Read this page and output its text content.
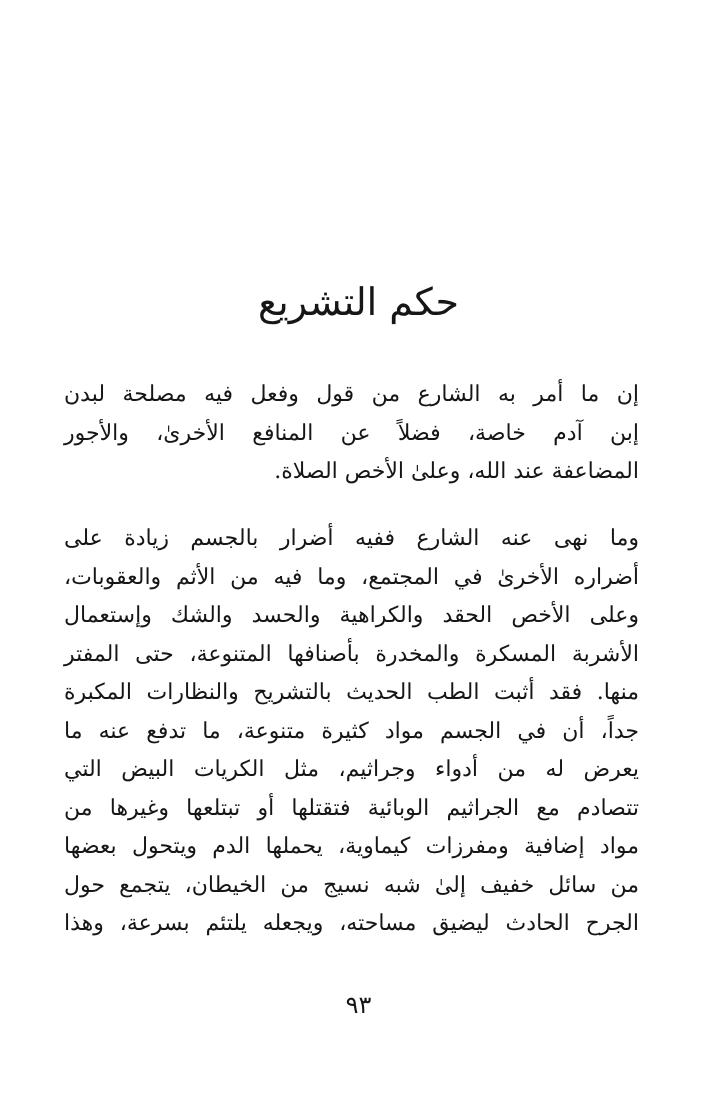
حكم التشريع
إن ما أمر به الشارع من قول وفعل فيه مصلحة لبدن
إبن آدم خاصة، فضلاً عن المنافع الأخرىٰ، والأجور
المضاعفة عند الله، وعلىٰ الأخص الصلاة.
وما نهى عنه الشارع ففيه أضرار بالجسم زيادة على
أضراره الأخرىٰ في المجتمع، وما فيه من الأثم والعقوبات،
وعلى الأخص الحقد والكراهية والحسد والشك وإستعمال
الأشربة المسكرة والمخدرة بأصنافها المتنوعة، حتى المفتر
منها. فقد أثبت الطب الحديث بالتشريح والنظارات المكبرة
جداً، أن في الجسم مواد كثيرة متنوعة، ما تدفع عنه ما
يعرض له من أدواء وجراثيم، مثل الكريات البيض التي
تتصادم مع الجراثيم الوبائية فتقتلها أو تبتلعها وغيرها من
مواد إضافية ومفرزات كيماوية، يحملها الدم ويتحول بعضها
من سائل خفيف إلىٰ شبه نسيج من الخيطان، يتجمع حول
الجرح الحادث ليضيق مساحته، ويجعله يلتئم بسرعة، وهذا
٩٣
